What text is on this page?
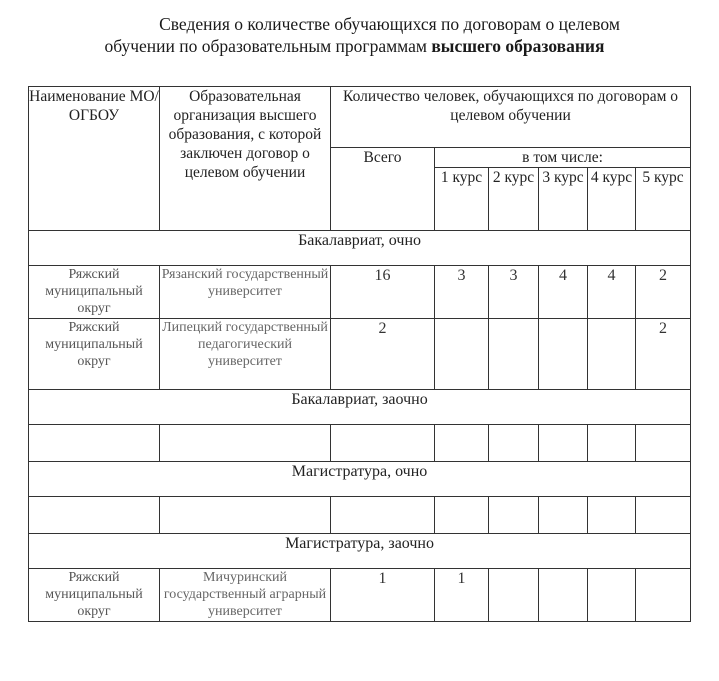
Сведения о количестве обучающихся по договорам о целевом
обучении по образовательным программам высшего образования
Наименование МО/ОГБОУ	Образовательная организация высшего образования, с которой заключен договор о целевом обучении	Количество человек, обучающихся по договорам о целевом обучении					
		Всего	в том числе:				
			1 курс	2 курс	3 курс	4 курс	5 курс
Бакалавриат, очно							
Ряжский муниципальный округ	Рязанский государственный университет	16	3	3	4	4	2
Ряжский муниципальный округ	Липецкий государственный педагогический университет	2					2
Бакалавриат, заочно							

Магистратура, очно							

Магистратура, заочно							
Ряжский муниципальный округ	Мичуринский государственный аграрный университет	1	1				
